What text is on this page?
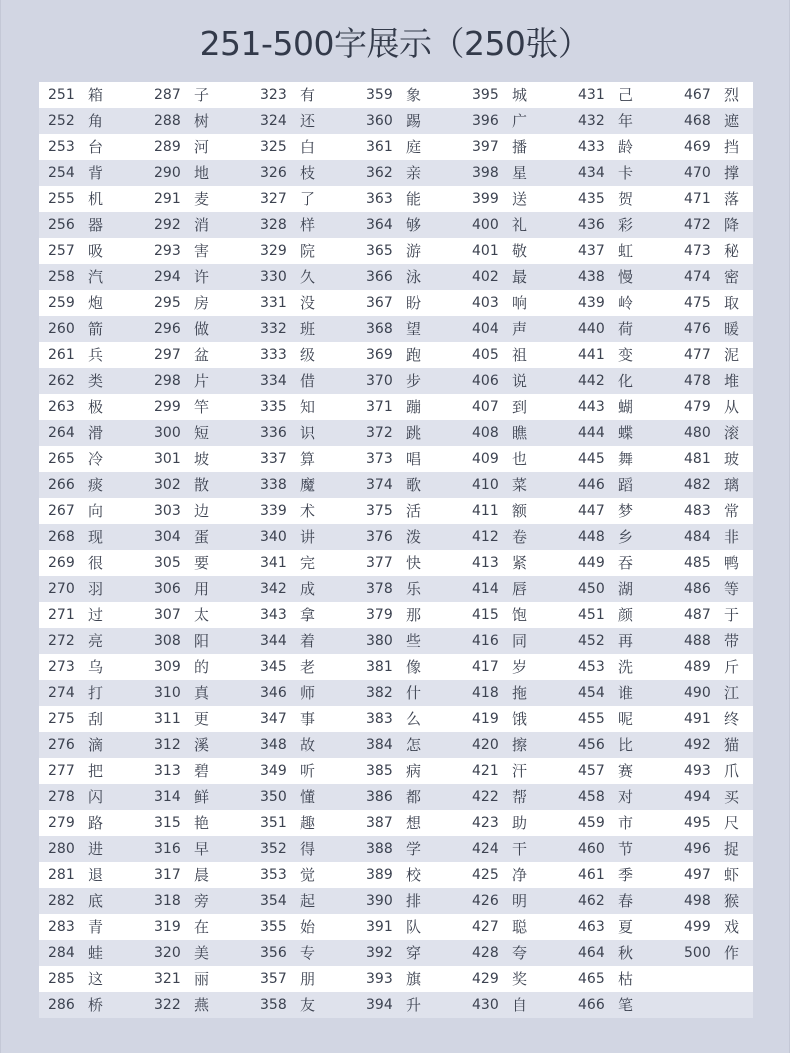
251-500字展示（250张）
251 箱	287 子	323 有	359 象	395 城	431 己	467 烈
252 角	288 树	324 还	360 踢	396 广	432 年	468 遮
253 台	289 河	325 白	361 庭	397 播	433 龄	469 挡
254 背	290 地	326 枝	362 亲	398 星	434 卡	470 撑
255 机	291 麦	327 了	363 能	399 送	435 贺	471 落
256 器	292 消	328 样	364 够	400 礼	436 彩	472 降
257 吸	293 害	329 院	365 游	401 敬	437 虹	473 秘
258 汽	294 许	330 久	366 泳	402 最	438 慢	474 密
259 炮	295 房	331 没	367 盼	403 响	439 岭	475 取
260 箭	296 做	332 班	368 望	404 声	440 荷	476 暖
261 兵	297 盆	333 级	369 跑	405 祖	441 变	477 泥
262 类	298 片	334 借	370 步	406 说	442 化	478 堆
263 极	299 竿	335 知	371 蹦	407 到	443 蝴	479 从
264 滑	300 短	336 识	372 跳	408 瞧	444 蝶	480 滚
265 冷	301 坡	337 算	373 唱	409 也	445 舞	481 玻
266 痰	302 散	338 魔	374 歌	410 菜	446 蹈	482 璃
267 向	303 边	339 术	375 活	411 额	447 梦	483 常
268 现	304 蛋	340 讲	376 泼	412 卷	448 乡	484 非
269 很	305 要	341 完	377 快	413 紧	449 吞	485 鸭
270 羽	306 用	342 成	378 乐	414 唇	450 湖	486 等
271 过	307 太	343 拿	379 那	415 饱	451 颜	487 于
272 亮	308 阳	344 着	380 些	416 同	452 再	488 带
273 乌	309 的	345 老	381 像	417 岁	453 洗	489 斤
274 打	310 真	346 师	382 什	418 拖	454 谁	490 江
275 刮	311 更	347 事	383 么	419 饿	455 呢	491 终
276 滴	312 溪	348 故	384 怎	420 擦	456 比	492 猫
277 把	313 碧	349 听	385 病	421 汗	457 赛	493 爪
278 闪	314 鲜	350 懂	386 都	422 帮	458 对	494 买
279 路	315 艳	351 趣	387 想	423 助	459 市	495 尺
280 进	316 早	352 得	388 学	424 干	460 节	496 捉
281 退	317 晨	353 觉	389 校	425 净	461 季	497 虾
282 底	318 旁	354 起	390 排	426 明	462 春	498 猴
283 青	319 在	355 始	391 队	427 聪	463 夏	499 戏
284 蛙	320 美	356 专	392 穿	428 夸	464 秋	500 作
285 这	321 丽	357 朋	393 旗	429 奖	465 枯
286 桥	322 燕	358 友	394 升	430 自	466 笔
